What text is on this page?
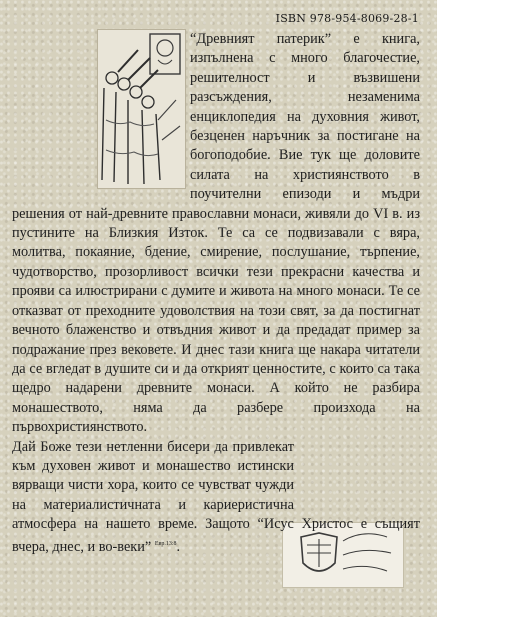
ISBN 978-954-8069-28-1

“Древният патерик” е книга, изпълнена с много благочестие, решителност и възвишени разсъждения, незаменима енциклопедия на духовния живот, безценен наръчник за постигане на богоподобие. Вие тук ще доловите силата на християнството в поучителни епизоди и мъдри решения от най-древните православни монаси, живяли до VI в. из пустините на Близкия Изток. Те са се подвизавали с вяра, молитва, покаяние, бдение, смирение, послушание, търпение, чудотворство, прозорливост всички тези прекрасни качества и прояви са илюстрирани с думите и живота на много монаси. Те се отказват от преходните удоволствия на този свят, за да постигнат вечното блаженство и отвъдния живот и да предадат пример за подражание през вековете. И днес тази книга ще накара читатели да се вгледат в душите си и да открият ценностите, с които са така щедро надарени древните монаси. А който не разбира монашеството, няма да разбере произхода на първохристиянството.

Дай Боже тези нетленни бисери да привлекат към духовен живот и монашество истински вярващи чисти хора, които се чувстват чужди на материалистичната и кариеристична атмосфера на нашето време. Защото “Исус Христос е същият вчера, днес, и во-веки” $^{Евр.13:8}$.
